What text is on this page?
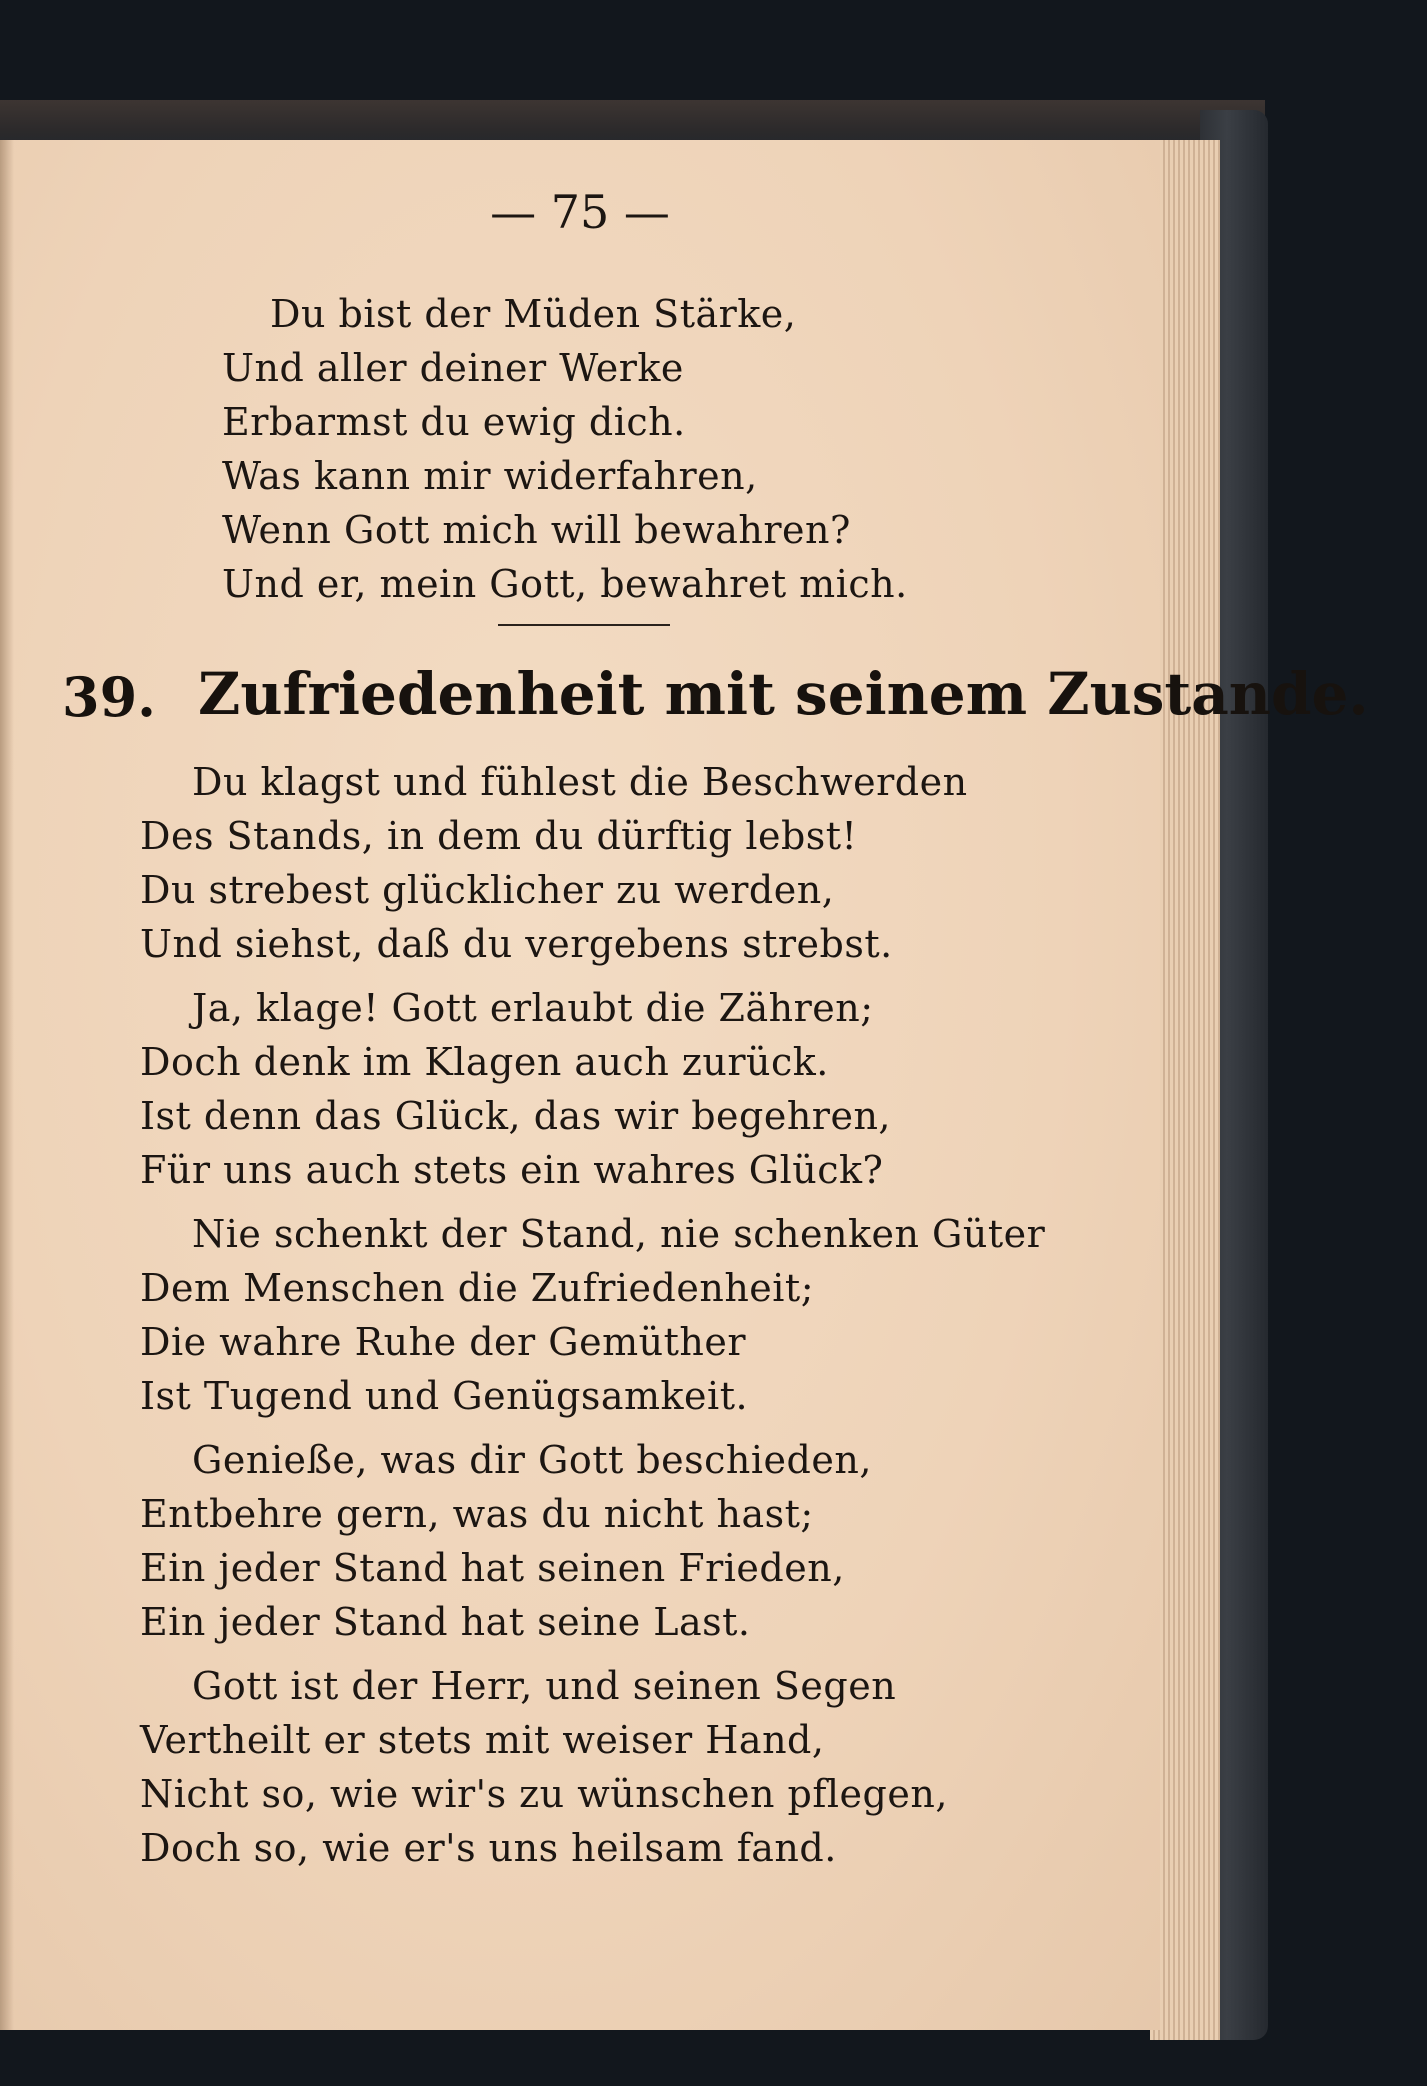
— 75 —
Du bist der Müden Stärke,
Und aller deiner Werke
Erbarmst du ewig dich.
Was kann mir widerfahren,
Wenn Gott mich will bewahren?
Und er, mein Gott, bewahret mich.
39. Zufriedenheit mit seinem Zustande.
Du klagst und fühlest die Beschwerden
Des Stands, in dem du dürftig lebst!
Du strebest glücklicher zu werden,
Und siehst, daß du vergebens strebst.
Ja, klage! Gott erlaubt die Zähren;
Doch denk im Klagen auch zurück.
Ist denn das Glück, das wir begehren,
Für uns auch stets ein wahres Glück?
Nie schenkt der Stand, nie schenken Güter
Dem Menschen die Zufriedenheit;
Die wahre Ruhe der Gemüther
Ist Tugend und Genügsamkeit.
Genieße, was dir Gott beschieden,
Entbehre gern, was du nicht hast;
Ein jeder Stand hat seinen Frieden,
Ein jeder Stand hat seine Last.
Gott ist der Herr, und seinen Segen
Vertheilt er stets mit weiser Hand,
Nicht so, wie wir's zu wünschen pflegen,
Doch so, wie er's uns heilsam fand.
